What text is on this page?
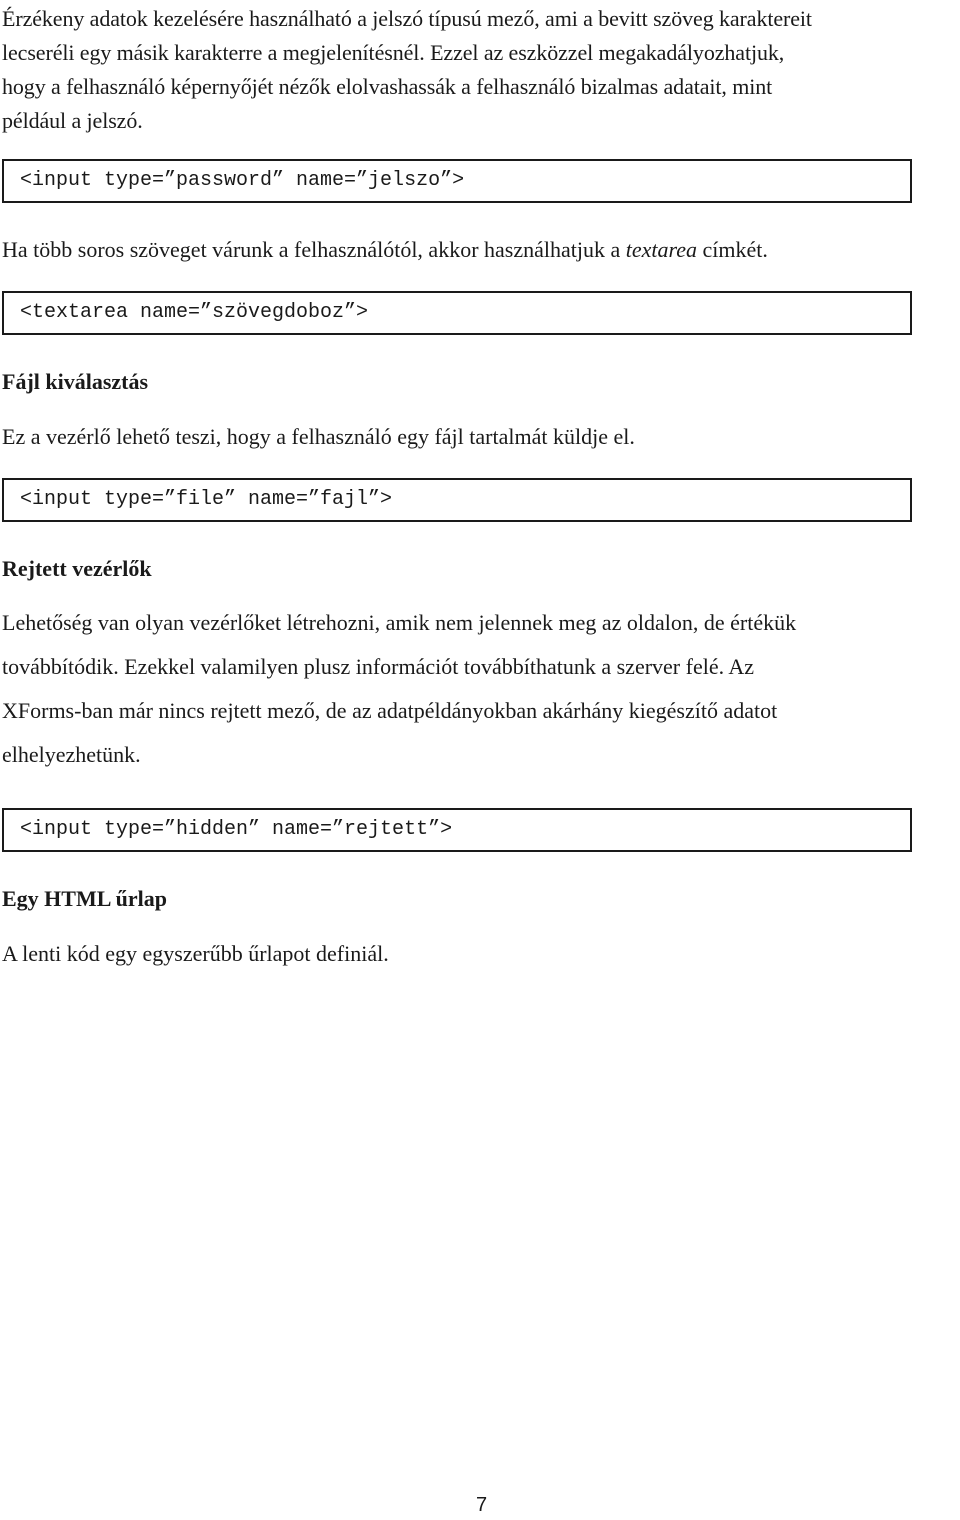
Érzékeny adatok kezelésére használható a jelszó típusú mező, ami a bevitt szöveg karaktereit
lecseréli egy másik karakterre a megjelenítésnél. Ezzel az eszközzel megakadályozhatjuk,
hogy a felhasználó képernyőjét nézők elolvashassák a felhasználó bizalmas adatait, mint
például a jelszó.
<input type=”password” name=”jelszo”>

Ha több soros szöveget várunk a felhasználótól, akkor használhatjuk a textarea címkét.

<textarea name=”szövegdoboz”>
Fájl kiválasztás

Ez a vezérlő lehető teszi, hogy a felhasználó egy fájl tartalmát küldje el.

<input type=”file” name=”fajl”>
Rejtett vezérlők
Lehetőség van olyan vezérlőket létrehozni, amik nem jelennek meg az oldalon, de értékük
továbbítódik. Ezekkel valamilyen plusz információt továbbíthatunk a szerver felé. Az
XForms-ban már nincs rejtett mező, de az adatpéldányokban akárhány kiegészítő adatot
elhelyezhetünk.
<input type=”hidden” name=”rejtett”>
Egy HTML űrlap

A lenti kód egy egyszerűbb űrlapot definiál.

7
